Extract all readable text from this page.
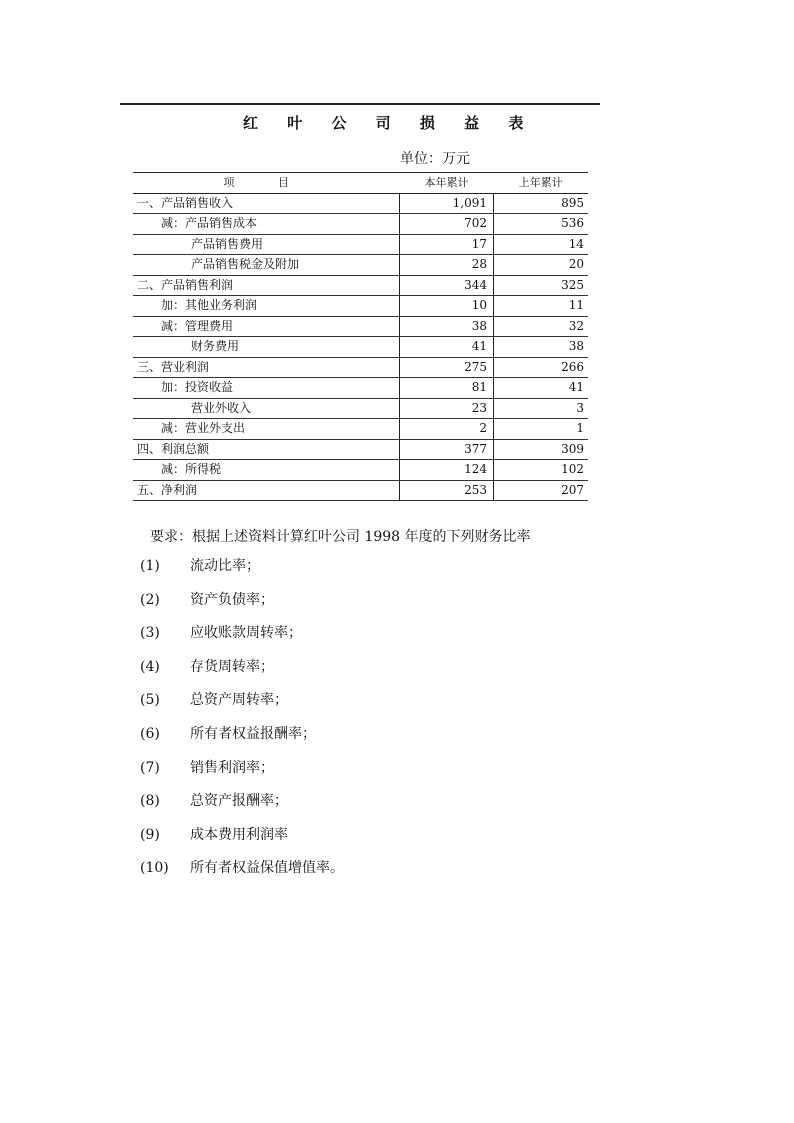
红 叶 公 司 损 益 表
单位：万元
项 目	本年累计	上年累计
一、产品销售收入	1,091	895
减：产品销售成本	702	536
产品销售费用	17	14
产品销售税金及附加	28	20
二、产品销售利润	344	325
加：其他业务利润	10	11
减：管理费用	38	32
财务费用	41	38
三、营业利润	275	266
加：投资收益	81	41
营业外收入	23	3
减：营业外支出	2	1
四、利润总额	377	309
减：所得税	124	102
五、净利润	253	207
要求：根据上述资料计算红叶公司 1998 年度的下列财务比率
(1)	流动比率；
(2)	资产负债率；
(3)	应收账款周转率；
(4)	存货周转率；
(5)	总资产周转率；
(6)	所有者权益报酬率；
(7)	销售利润率；
(8)	总资产报酬率；
(9)	成本费用利润率
(10)	所有者权益保值增值率。
